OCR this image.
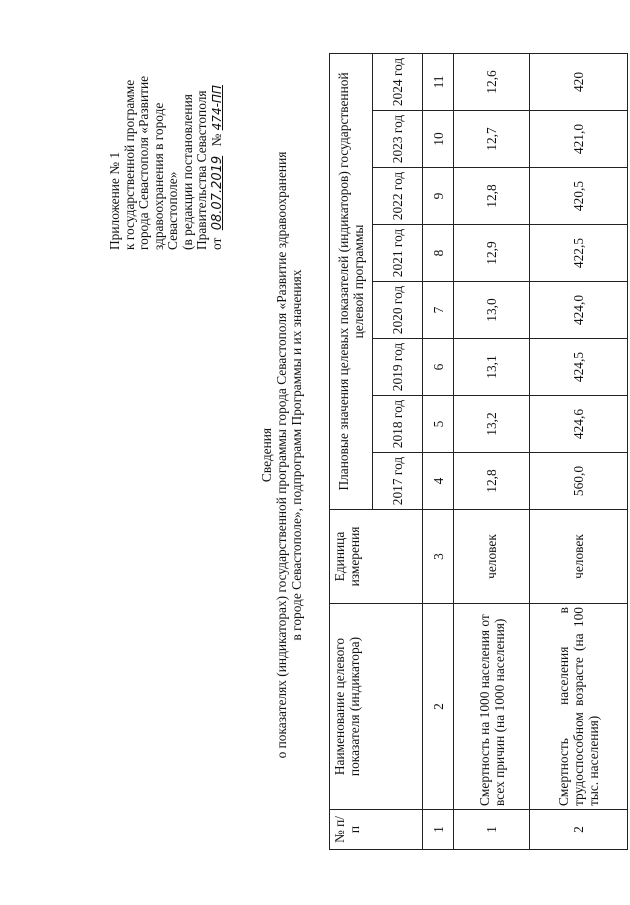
Приложение № 1 к государственной программе города Севастополя «Развитие здравоохранения в городе Севастополе» (в редакции постановления Правительства Севастополя от 08.07.2019 № 474-ПП
Сведения о показателях (индикаторах) государственной программы города Севастополя «Развитие здравоохранения в городе Севастополе», подпрограмм Программы и их значениях
№ п/п	Наименование целевого показателя (индикатора)	Единица измерения	Плановые значения целевых показателей (индикаторов) государственной целевой программы							
			2017 год	2018 год	2019 год	2020 год	2021 год	2022 год	2023 год	2024 год
1	2	3	4	5	6	7	8	9	10	11
1	Смертность на 1000 населения от всех причин (на 1000 населения)	человек	12,8	13,2	13,1	13,0	12,9	12,8	12,7	12,6
2	Смертность населения в трудоспособном возрасте (на 100 тыс. населения)	человек	560,0	424,6	424,5	424,0	422,5	420,5	421,0	420
